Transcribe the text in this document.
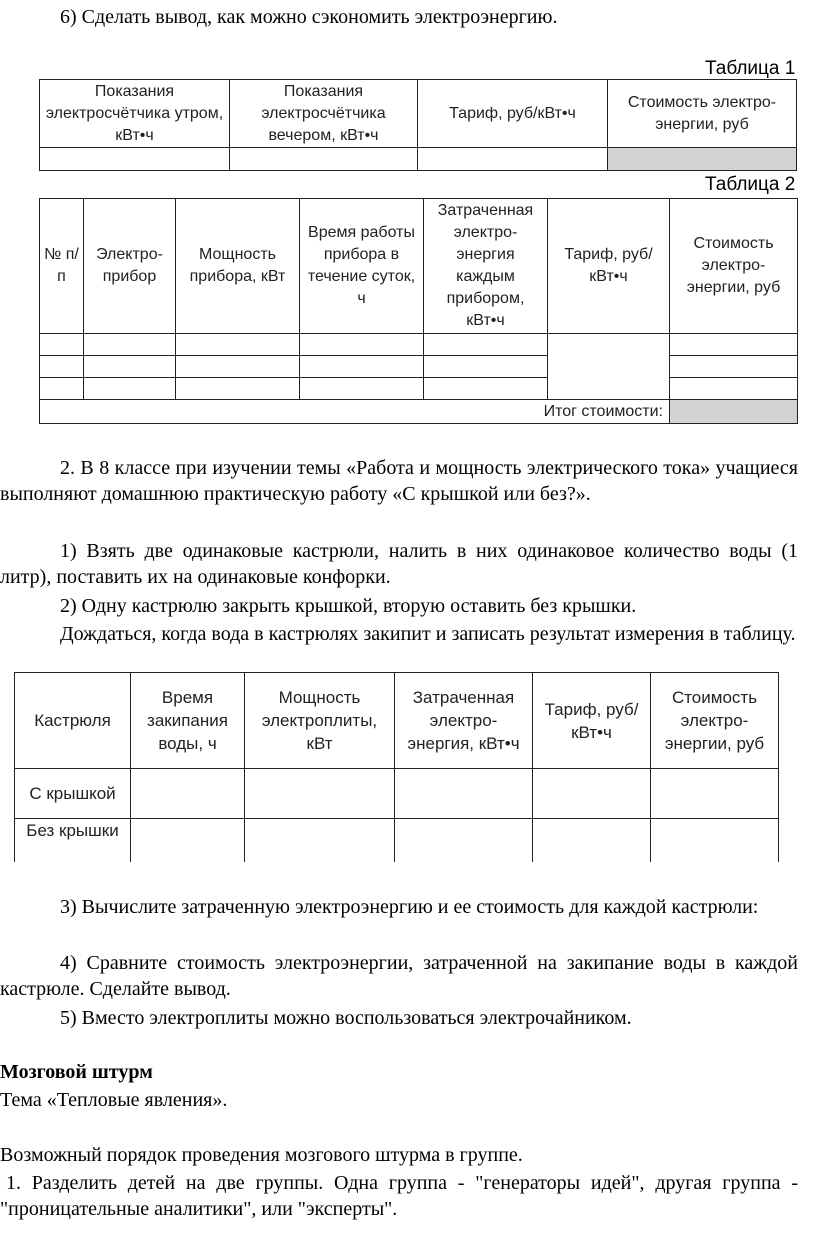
6) Сделать вывод, как можно сэкономить электроэнергию.

Таблица 1
Показания электросчётчика утром, кВт•ч	Показания электросчётчика вечером, кВт•ч	Тариф, руб/кВт•ч	Стоимость электро-энергии, руб

Таблица 2
№ п/п	Электро-прибор	Мощность прибора, кВт	Время работы прибора в течение суток, ч	Затраченная электро-энергия каждым прибором, кВт•ч	Тариф, руб/кВт•ч	Стоимость электро-энергии, руб

Итог стоимости:						

2. В 8 классе при изучении темы «Работа и мощность электрического тока» учащиеся выполняют домашнюю практическую работу «С крышкой или без?».

1) Взять две одинаковые кастрюли, налить в них одинаковое количество воды (1 литр), поставить их на одинаковые конфорки.

2) Одну кастрюлю закрыть крышкой, вторую оставить без крышки.

Дождаться, когда вода в кастрюлях закипит и записать результат измерения в таблицу.

Кастрюля	Время закипания воды, ч	Мощность электроплиты, кВт	Затраченная электро-энергия, кВт•ч	Тариф, руб/кВт•ч	Стоимость электро-энергии, руб
С крышкой					
Без крышки					

3) Вычислите затраченную электроэнергию и ее стоимость для каждой кастрюли:

4) Сравните стоимость электроэнергии, затраченной на закипание воды в каждой кастрюле. Сделайте вывод.

5) Вместо электроплиты можно воспользоваться электрочайником.

Мозговой штурм

Тема «Тепловые явления».

Возможный порядок проведения мозгового штурма в группе.

1. Разделить детей на две группы. Одна группа - "генераторы идей", другая группа - "проницательные аналитики", или "эксперты".
